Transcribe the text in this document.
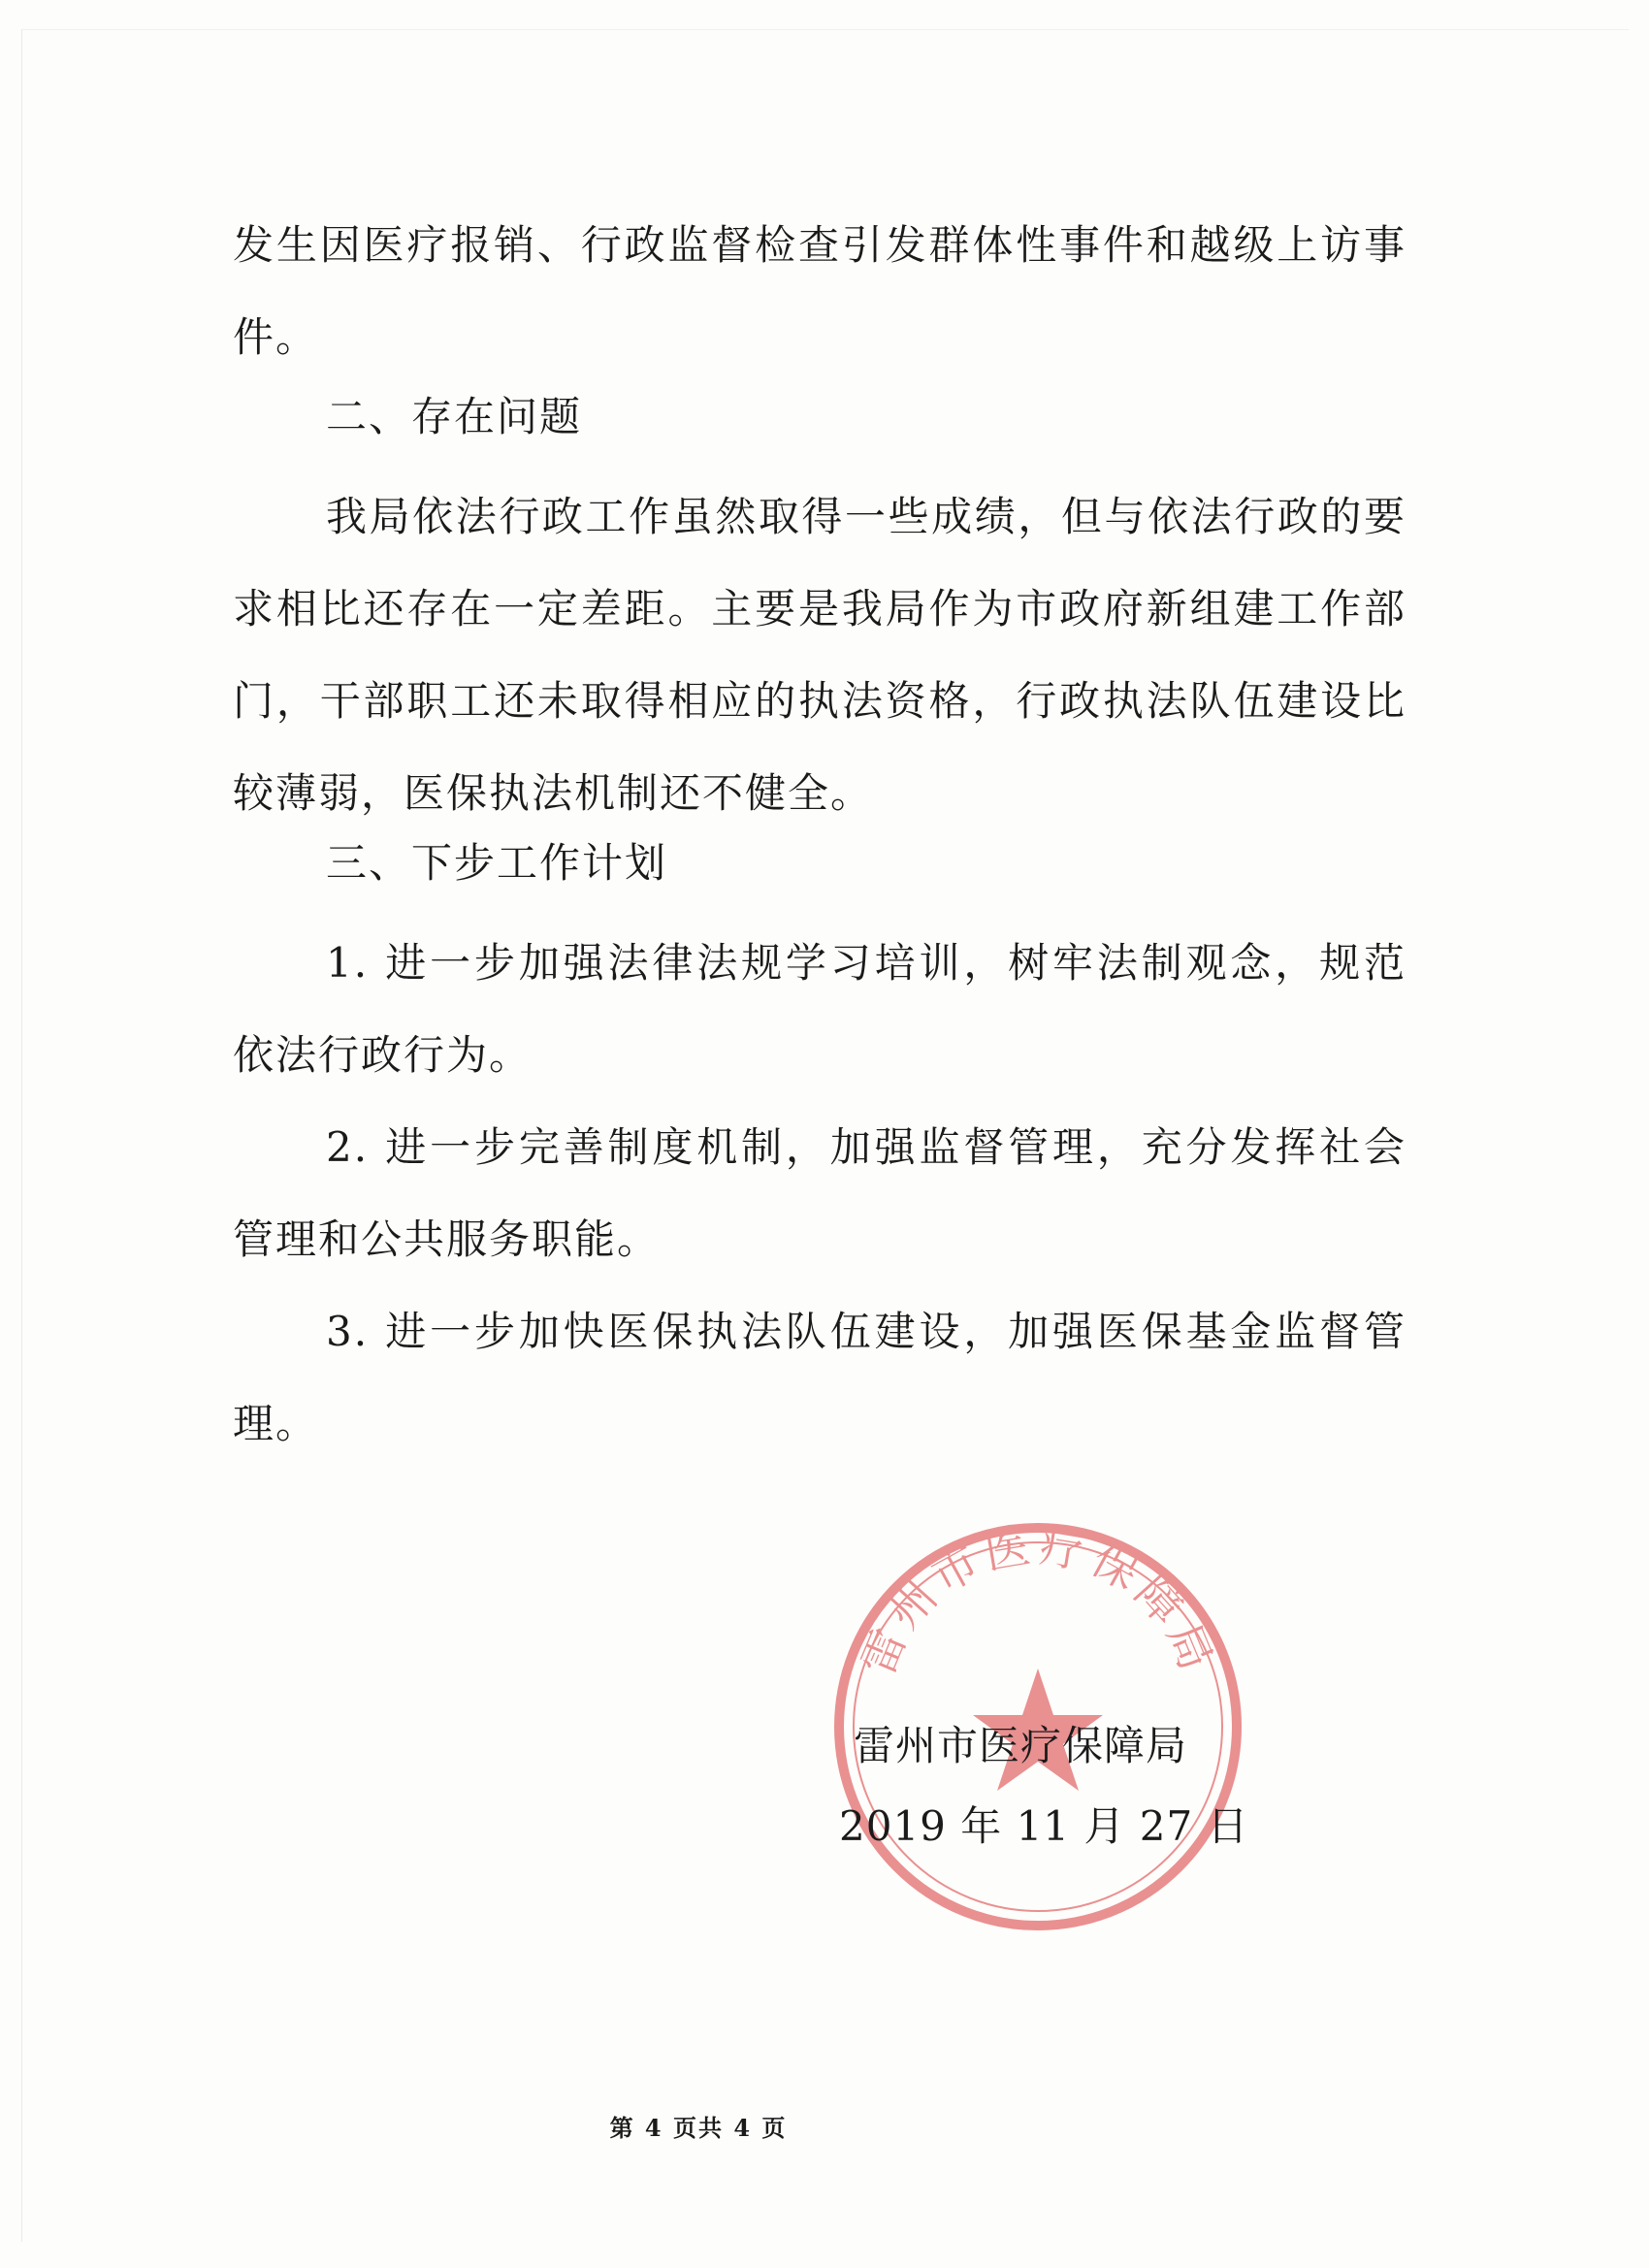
发生因医疗报销、行政监督检查引发群体性事件和越级上访事件。

二、存在问题

我局依法行政工作虽然取得一些成绩，但与依法行政的要求相比还存在一定差距。主要是我局作为市政府新组建工作部门，干部职工还未取得相应的执法资格，行政执法队伍建设比较薄弱，医保执法机制还不健全。

三、下步工作计划

1. 进一步加强法律法规学习培训，树牢法制观念，规范依法行政行为。

2. 进一步完善制度机制，加强监督管理，充分发挥社会管理和公共服务职能。

3. 进一步加快医保执法队伍建设，加强医保基金监督管理。

雷州市医疗保障局

雷州市医疗保障局

2019 年 11 月 27 日

第 4 页共 4 页
